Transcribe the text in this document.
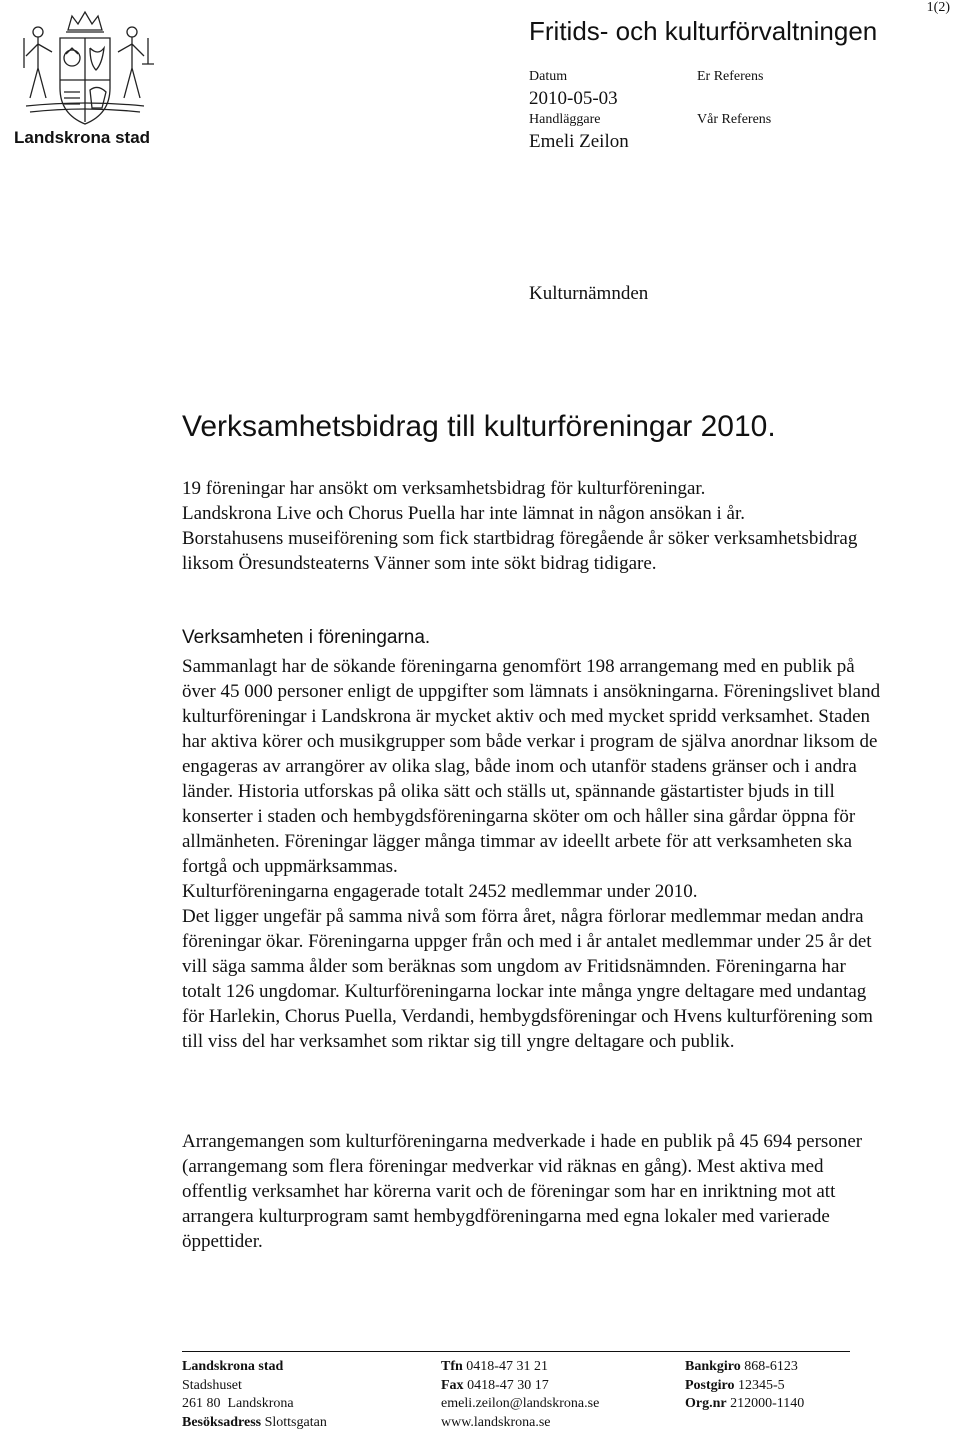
Landskrona stad
1(2)
Fritids- och kulturförvaltningen
Datum
2010-05-03
Handläggare
Emeli Zeilon
Er Referens
Vår Referens
Kulturnämnden
Verksamhetsbidrag till kulturföreningar 2010.
19 föreningar har ansökt om verksamhetsbidrag för kulturföreningar.
Landskrona Live och Chorus Puella har inte lämnat in någon ansökan i år.
Borstahusens museiförening som fick startbidrag föregående år söker verksamhetsbidrag liksom Öresundsteaterns Vänner som inte sökt bidrag tidigare.
Verksamheten i föreningarna.

Sammanlagt har de sökande föreningarna genomfört 198 arrangemang med en publik på över 45 000 personer enligt de uppgifter som lämnats i ansökningarna. Föreningslivet bland kulturföreningar i Landskrona är mycket aktiv och med mycket spridd verksamhet. Staden har aktiva körer och musikgrupper som både verkar i program de själva anordnar liksom de engageras av arrangörer av olika slag, både inom och utanför stadens gränser och i andra länder. Historia utforskas på olika sätt och ställs ut, spännande gästartister bjuds in till konserter i staden och hembygdsföreningarna sköter om och håller sina gårdar öppna för allmänheten. Föreningar lägger många timmar av ideellt arbete för att verksamheten ska fortgå och uppmärksammas.

Kulturföreningarna engagerade totalt 2452 medlemmar under 2010.

Det ligger ungefär på samma nivå som förra året, några förlorar medlemmar medan andra föreningar ökar. Föreningarna uppger från och med i år antalet medlemmar under 25 år det vill säga samma ålder som beräknas som ungdom av Fritidsnämnden. Föreningarna har totalt 126 ungdomar. Kulturföreningarna lockar inte många yngre deltagare med undantag för Harlekin, Chorus Puella, Verdandi, hembygdsföreningar och Hvens kulturförening som till viss del har verksamhet som riktar sig till yngre deltagare och publik.

Arrangemangen som kulturföreningarna medverkade i hade en publik på 45 694 personer (arrangemang som flera föreningar medverkar vid räknas en gång). Mest aktiva med offentlig verksamhet har körerna varit och de föreningar som har en inriktning mot att arrangera kulturprogram samt hembygdföreningarna med egna lokaler med varierade öppettider.

Landskrona stad
Stadshuset
261 80  Landskrona
Besöksadress Slottsgatan
Tfn 0418-47 31 21
Fax 0418-47 30 17
emeli.zeilon@landskrona.se
www.landskrona.se
Bankgiro 868-6123
Postgiro 12345-5
Org.nr 212000-1140
